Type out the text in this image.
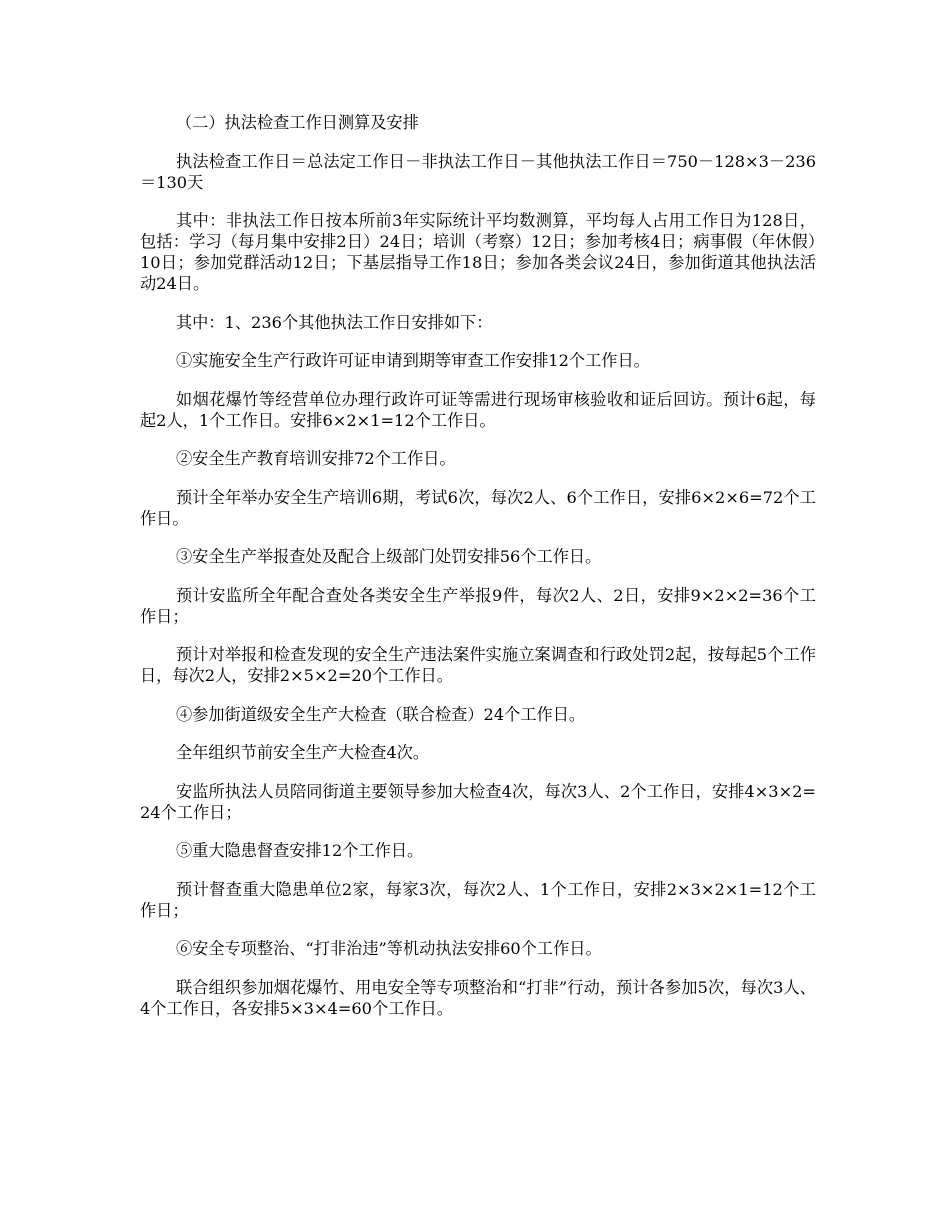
（二）执法检查工作日测算及安排

执法检查工作日＝总法定工作日－非执法工作日－其他执法工作日＝750－128×3－236＝130天

其中：非执法工作日按本所前3年实际统计平均数测算，平均每人占用工作日为128日，包括：学习（每月集中安排2日）24日；培训（考察）12日；参加考核4日；病事假（年休假）10日；参加党群活动12日；下基层指导工作18日；参加各类会议24日，参加街道其他执法活动24日。

其中：1、236个其他执法工作日安排如下：

①实施安全生产行政许可证申请到期等审查工作安排12个工作日。

如烟花爆竹等经营单位办理行政许可证等需进行现场审核验收和证后回访。预计6起，每起2人，1个工作日。安排6×2×1=12个工作日。

②安全生产教育培训安排72个工作日。

预计全年举办安全生产培训6期，考试6次，每次2人、6个工作日，安排6×2×6=72个工作日。

③安全生产举报查处及配合上级部门处罚安排56个工作日。

预计安监所全年配合查处各类安全生产举报9件，每次2人、2日，安排9×2×2=36个工作日；

预计对举报和检查发现的安全生产违法案件实施立案调查和行政处罚2起，按每起5个工作日，每次2人，安排2×5×2=20个工作日。

④参加街道级安全生产大检查（联合检查）24个工作日。

全年组织节前安全生产大检查4次。

安监所执法人员陪同街道主要领导参加大检查4次，每次3人、2个工作日，安排4×3×2=24个工作日；

⑤重大隐患督查安排12个工作日。

预计督查重大隐患单位2家，每家3次，每次2人、1个工作日，安排2×3×2×1=12个工作日；

⑥安全专项整治、“打非治违”等机动执法安排60个工作日。

联合组织参加烟花爆竹、用电安全等专项整治和“打非”行动，预计各参加5次，每次3人、4个工作日，各安排5×3×4=60个工作日。
